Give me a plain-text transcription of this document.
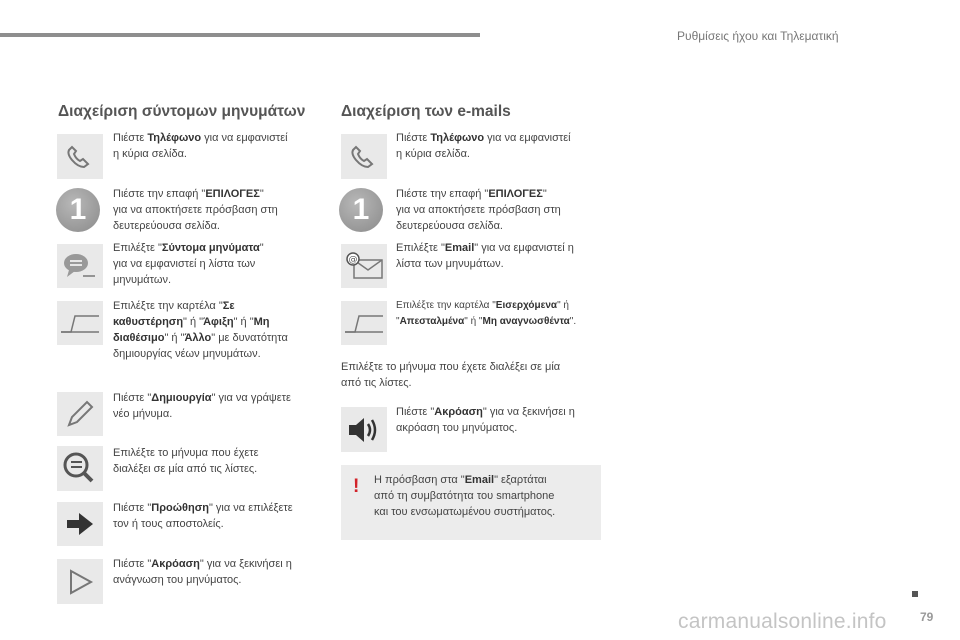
Ρυθμίσεις ήχου και Τηλεματική
Διαχείριση σύντομων μηνυμάτων
1
Πιέστε Τηλέφωνο για να εμφανιστεί
η κύρια σελίδα.
Πιέστε την επαφή "ΕΠΙΛΟΓΕΣ"
για να αποκτήσετε πρόσβαση στη
δευτερεύουσα σελίδα.
Επιλέξτε "Σύντομα μηνύματα"
για να εμφανιστεί η λίστα των
μηνυμάτων.
Επιλέξτε την καρτέλα "Σε
καθυστέρηση" ή "Άφιξη" ή "Μη
διαθέσιμο" ή "Άλλο" με δυνατότητα
δημιουργίας νέων μηνυμάτων.
Πιέστε "Δημιουργία" για να γράψετε
νέο μήνυμα.
Επιλέξτε το μήνυμα που έχετε
διαλέξει σε μία από τις λίστες.
Πιέστε "Προώθηση" για να επιλέξετε
τον ή τους αποστολείς.
Πιέστε "Ακρόαση" για να ξεκινήσει η
ανάγνωση του μηνύματος.
Διαχείριση των e-mails
1
Πιέστε Τηλέφωνο για να εμφανιστεί
η κύρια σελίδα.
Πιέστε την επαφή "ΕΠΙΛΟΓΕΣ"
για να αποκτήσετε πρόσβαση στη
δευτερεύουσα σελίδα.
@
Επιλέξτε "Email" για να εμφανιστεί η
λίστα των μηνυμάτων.
Επιλέξτε την καρτέλα "Εισερχόμενα" ή
"Απεσταλμένα" ή "Μη αναγνωσθέντα".
Επιλέξτε το μήνυμα που έχετε διαλέξει σε μία
από τις λίστες.
Πιέστε "Ακρόαση" για να ξεκινήσει η
ακρόαση του μηνύματος.
! Η πρόσβαση στα "Email" εξαρτάται
από τη συμβατότητα του smartphone
και του ενσωματωμένου συστήματος.
carmanualsonline.info	79
